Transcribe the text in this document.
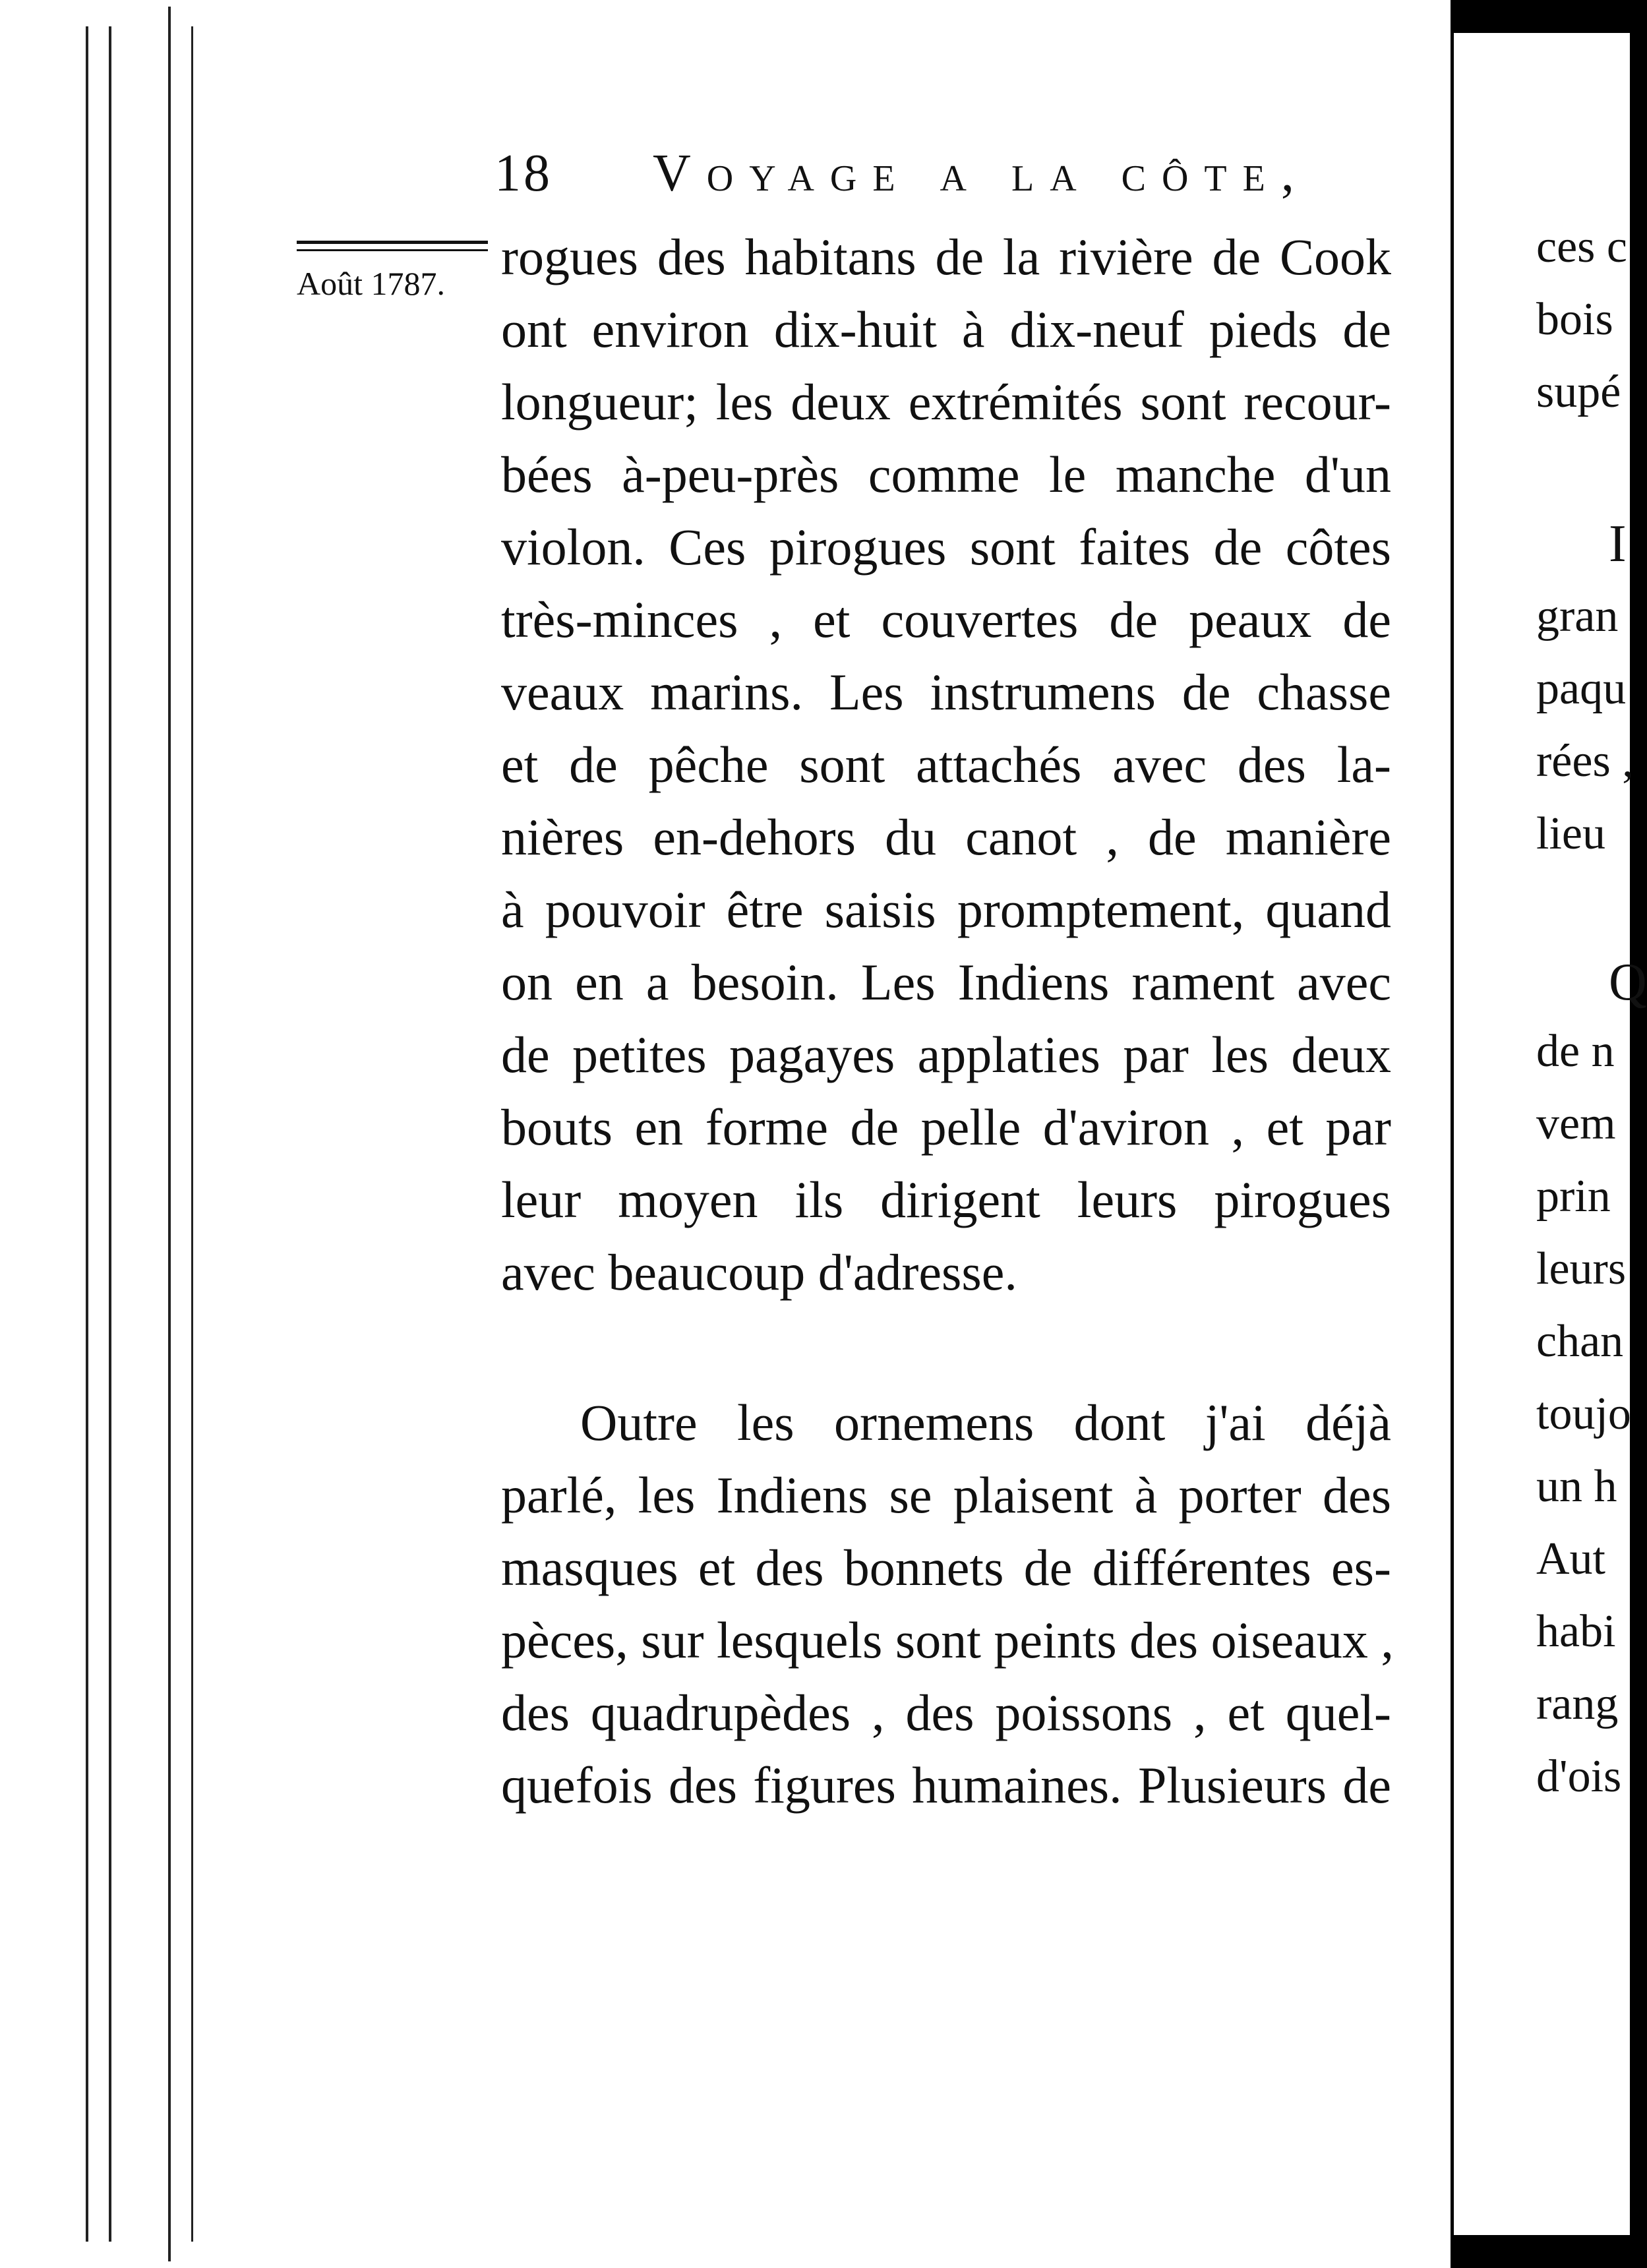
18 Voyage a la côte,
Août 1787.	rogues des habitans de la rivière de Cook
ont environ dix-huit à dix-neuf pieds de
longueur; les deux extrémités sont recour-
bées à-peu-près comme le manche d'un
violon. Ces pirogues sont faites de côtes
très-minces , et couvertes de peaux de
veaux marins. Les instrumens de chasse
et de pêche sont attachés avec des la-
nières en-dehors du canot , de manière
à pouvoir être saisis promptement, quand
on en a besoin. Les Indiens rament avec
de petites pagayes applaties par les deux
bouts en forme de pelle d'aviron , et par
leur moyen ils dirigent leurs pirogues
avec beaucoup d'adresse.
Outre les ornemens dont j'ai déjà
parlé, les Indiens se plaisent à porter des
masques et des bonnets de différentes es-
pèces, sur lesquels sont peints des oiseaux ,
des quadrupèdes , des poissons , et quel-
quefois des figures humaines. Plusieurs de
ces c
bois
supé
I
gran
paqu
rées ,
lieu
Q
de n
vem
prin
leurs
chan
toujo
un h
Aut
habi
rang
d'ois
